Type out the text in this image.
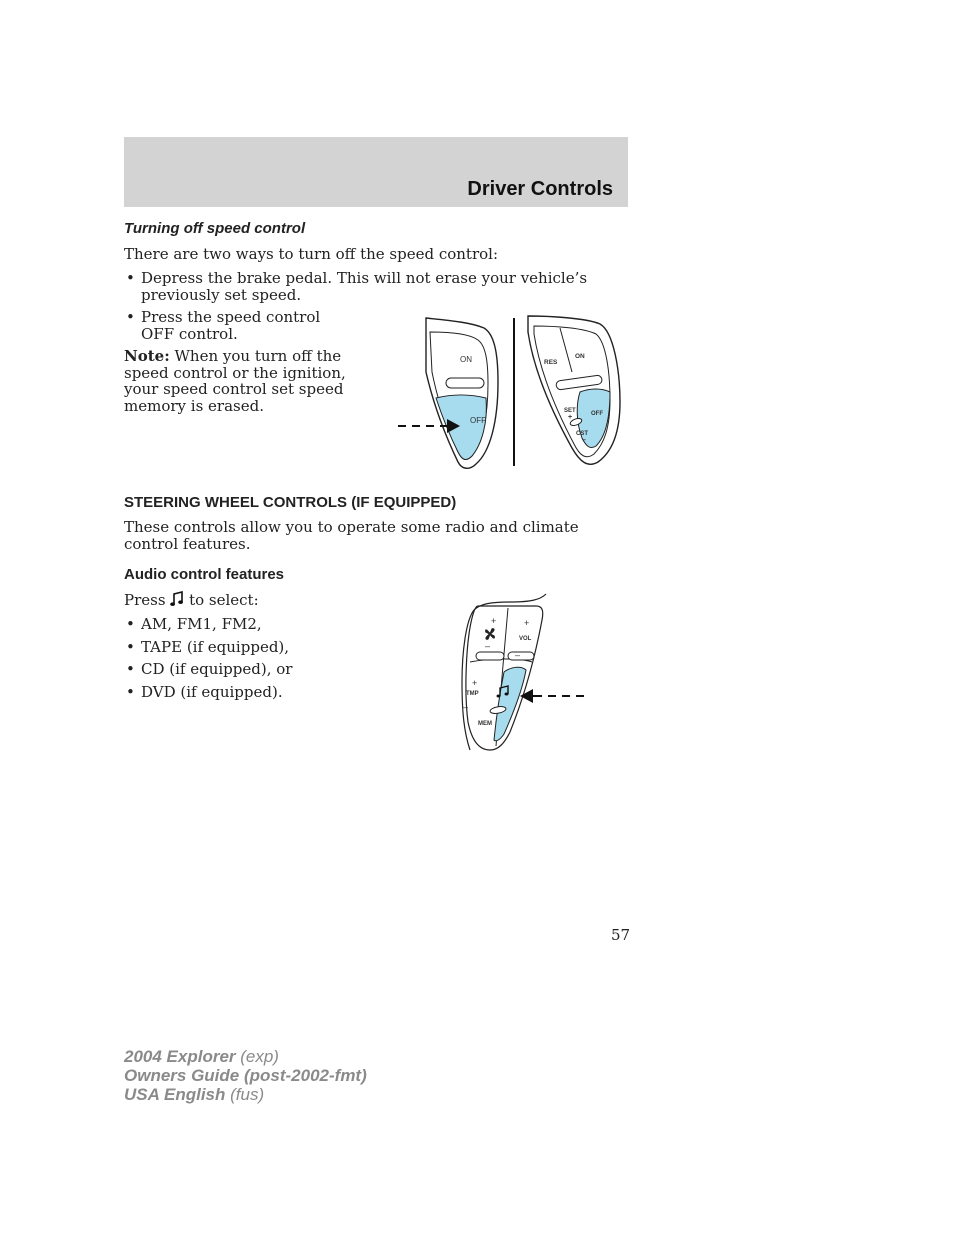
Driver Controls
Turning off speed control
There are two ways to turn off the speed control:
• Depress the brake pedal. This will not erase your vehicle’s previously set speed.
• Press the speed control OFF control.
Note: When you turn off the speed control or the ignition, your speed control set speed memory is erased.
ON
OFF
RES
ON
SET
+	OFF
CST
–
STEERING WHEEL CONTROLS (IF EQUIPPED)
These controls allow you to operate some radio and climate control features.
Audio control features
Press  to select:
• AM, FM1, FM2,
• TAPE (if equipped),
• CD (if equipped), or
• DVD (if equipped).
+
–
+
VOL
–
+
TMP
–
MEM
57
2004 Explorer (exp)
Owners Guide (post-2002-fmt)
USA English (fus)
